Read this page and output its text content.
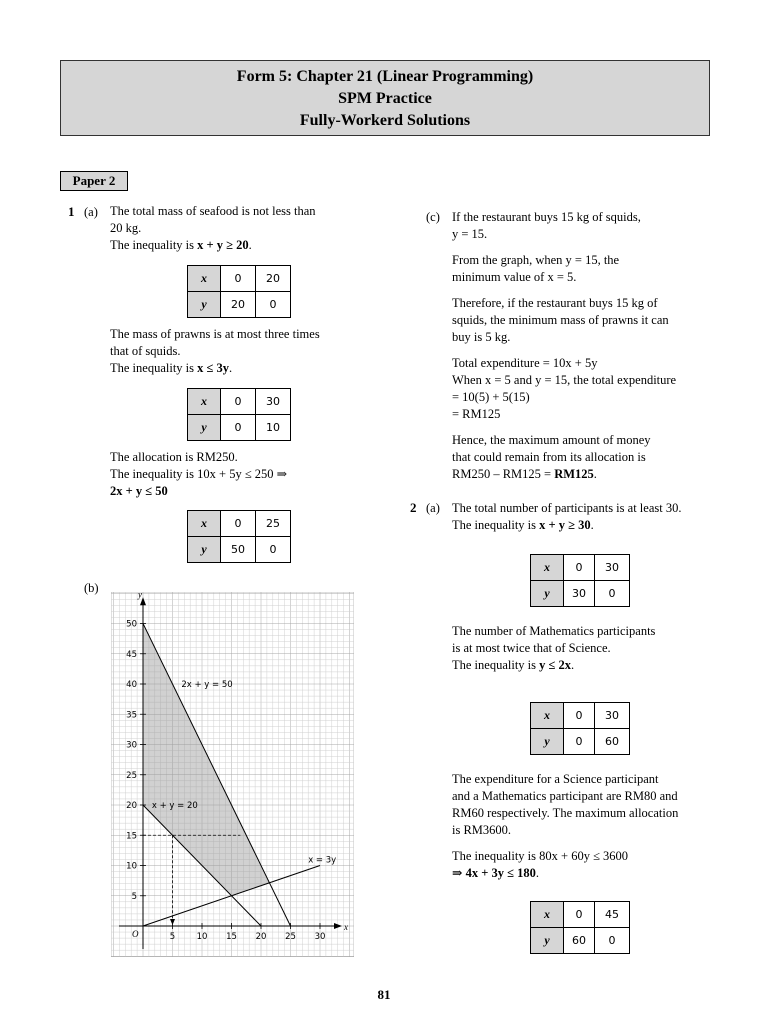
Form 5: Chapter 21 (Linear Programming)
SPM Practice
Fully-Workerd Solutions
Paper 2
1 (a) The total mass of seafood is not less than
20 kg.
The inequality is x + y ≥ 20.
x	0	20
y	20	0
The mass of prawns is at most three times
that of squids.
The inequality is x ≤ 3y.
x	0	30
y	0	10
The allocation is RM250.
The inequality is 10x + 5y ≤ 250 ⇒
2x + y ≤ 50
x	0	25
y	50	0
(b)
x
y
O	5	10 15 20 25 30
5
10
15
20
25
30
35
40
45
50
2x + y = 50
x + y = 20
x = 3y
(c) If the restaurant buys 15 kg of squids,
y = 15.
From the graph, when y = 15, the
minimum value of x = 5.
Therefore, if the restaurant buys 15 kg of
squids, the minimum mass of prawns it can
buy is 5 kg.
Total expenditure = 10x + 5y
When x = 5 and y = 15, the total expenditure
= 10(5) + 5(15)
= RM125
Hence, the maximum amount of money
that could remain from its allocation is
RM250 – RM125 = RM125.
2 (a) The total number of participants is at least 30.
The inequality is x + y ≥ 30.
x	0	30
y	30	0
The number of Mathematics participants
is at most twice that of Science.
The inequality is y ≤ 2x.
x	0	30
y	0	60
The expenditure for a Science participant
and a Mathematics participant are RM80 and
RM60 respectively. The maximum allocation
is RM3600.
The inequality is 80x + 60y ≤ 3600
⇒ 4x + 3y ≤ 180.
x	0	45
y	60	0
81
